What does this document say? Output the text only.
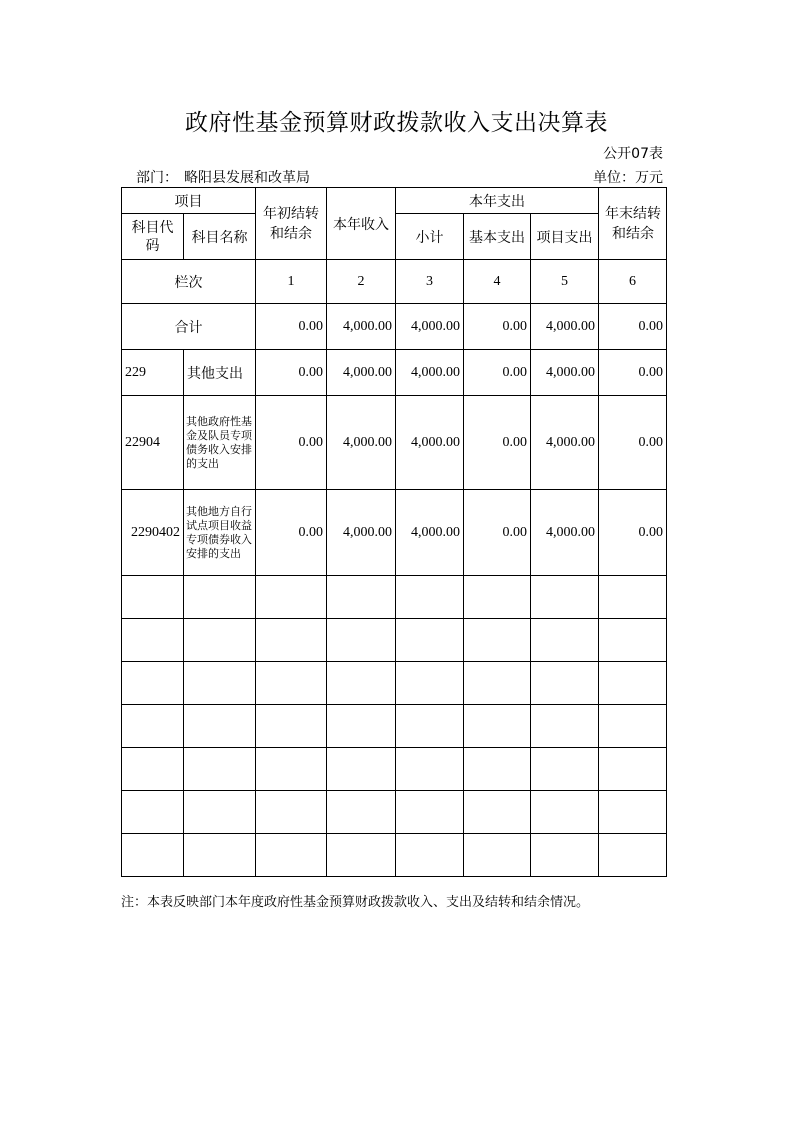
政府性基金预算财政拨款收入支出决算表
公开07表
部门： 略阳县发展和改革局	单位：万元
项目		年初结转和结余	本年收入	本年支出			年末结转和结余
科目代码	科目名称			小计	基本支出	项目支出	
栏次		1	2	3	4	5	6
合计		0.00	4,000.00	4,000.00	0.00	4,000.00	0.00
229	其他支出	0.00	4,000.00	4,000.00	0.00	4,000.00	0.00
22904	其他政府性基金及队员专项债务收入安排的支出	0.00	4,000.00	4,000.00	0.00	4,000.00	0.00
2290402	其他地方自行试点项目收益专项债券收入安排的支出	0.00	4,000.00	4,000.00	0.00	4,000.00	0.00

注：本表反映部门本年度政府性基金预算财政拨款收入、支出及结转和结余情况。
